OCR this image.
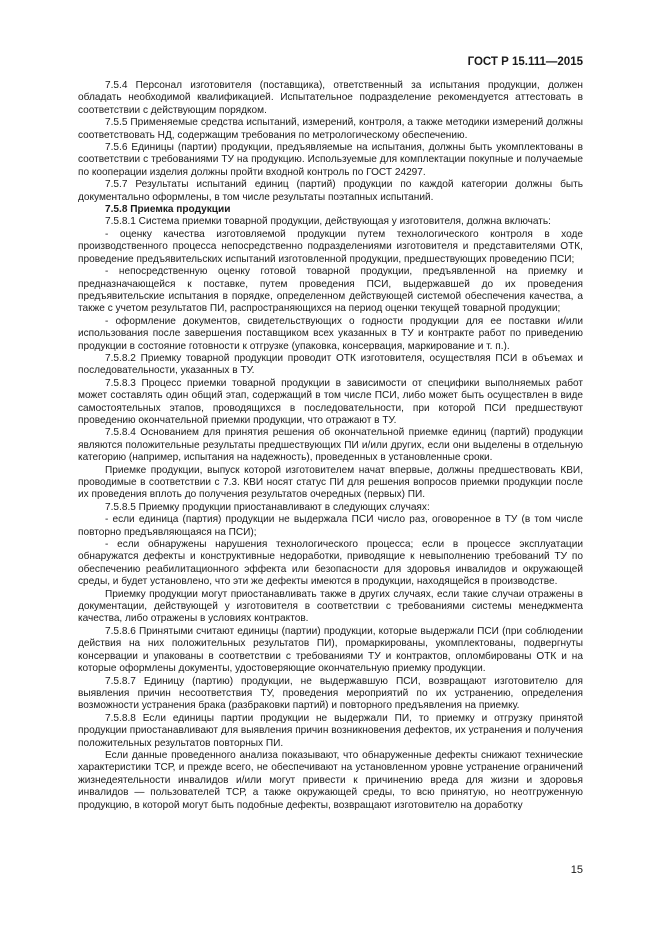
ГОСТ Р 15.111—2015

7.5.4 Персонал изготовителя (поставщика), ответственный за испытания продукции, должен обладать необходимой квалификацией. Испытательное подразделение рекомендуется аттестовать в соответствии с действующим порядком.

7.5.5 Применяемые средства испытаний, измерений, контроля, а также методики измерений должны соответствовать НД, содержащим требования по метрологическому обеспечению.

7.5.6 Единицы (партии) продукции, предъявляемые на испытания, должны быть укомплектованы в соответствии с требованиями ТУ на продукцию. Используемые для комплектации покупные и получаемые по кооперации изделия должны пройти входной контроль по ГОСТ 24297.

7.5.7 Результаты испытаний единиц (партий) продукции по каждой категории должны быть документально оформлены, в том числе результаты поэтапных испытаний.

7.5.8 Приемка продукции

7.5.8.1 Система приемки товарной продукции, действующая у изготовителя, должна включать:

- оценку качества изготовляемой продукции путем технологического контроля в ходе производственного процесса непосредственно подразделениями изготовителя и представителями ОТК, проведение предъявительских испытаний изготовленной продукции, предшествующих проведению ПСИ;

- непосредственную оценку готовой товарной продукции, предъявленной на приемку и предназначающейся к поставке, путем проведения ПСИ, выдержавшей до их проведения предъявительские испытания в порядке, определенном действующей системой обеспечения качества, а также с учетом результатов ПИ, распространяющихся на период оценки текущей товарной продукции;

- оформление документов, свидетельствующих о годности продукции для ее поставки и/или использования после завершения поставщиком всех указанных в ТУ и контракте работ по приведению продукции в состояние готовности к отгрузке (упаковка, консервация, маркирование и т. п.).

7.5.8.2 Приемку товарной продукции проводит ОТК изготовителя, осуществляя ПСИ в объемах и последовательности, указанных в ТУ.

7.5.8.3 Процесс приемки товарной продукции в зависимости от специфики выполняемых работ может составлять один общий этап, содержащий в том числе ПСИ, либо может быть осуществлен в виде самостоятельных этапов, проводящихся в последовательности, при которой ПСИ предшествуют проведению окончательной приемки продукции, что отражают в ТУ.

7.5.8.4 Основанием для принятия решения об окончательной приемке единиц (партий) продукции являются положительные результаты предшествующих ПИ и/или других, если они выделены в отдельную категорию (например, испытания на надежность), проведенных в установленные сроки.

Приемке продукции, выпуск которой изготовителем начат впервые, должны предшествовать КВИ, проводимые в соответствии с 7.3. КВИ носят статус ПИ для решения вопросов приемки продукции после их проведения вплоть до получения результатов очередных (первых) ПИ.

7.5.8.5 Приемку продукции приостанавливают в следующих случаях:

- если единица (партия) продукции не выдержала ПСИ число раз, оговоренное в ТУ (в том числе повторно предъявляющаяся на ПСИ);

- если обнаружены нарушения технологического процесса; если в процессе эксплуатации обнаружатся дефекты и конструктивные недоработки, приводящие к невыполнению требований ТУ по обеспечению реабилитационного эффекта или безопасности для здоровья инвалидов и окружающей среды, и будет установлено, что эти же дефекты имеются в продукции, находящейся в производстве.

Приемку продукции могут приостанавливать также в других случаях, если такие случаи отражены в документации, действующей у изготовителя в соответствии с требованиями системы менеджмента качества, либо отражены в условиях контрактов.

7.5.8.6 Принятыми считают единицы (партии) продукции, которые выдержали ПСИ (при соблюдении действия на них положительных результатов ПИ), промаркированы, укомплектованы, подвергнуты консервации и упакованы в соответствии с требованиями ТУ и контрактов, опломбированы ОТК и на которые оформлены документы, удостоверяющие окончательную приемку продукции.

7.5.8.7 Единицу (партию) продукции, не выдержавшую ПСИ, возвращают изготовителю для выявления причин несоответствия ТУ, проведения мероприятий по их устранению, определения возможности устранения брака (разбраковки партий) и повторного предъявления на приемку.

7.5.8.8 Если единицы партии продукции не выдержали ПИ, то приемку и отгрузку принятой продукции приостанавливают для выявления причин возникновения дефектов, их устранения и получения положительных результатов повторных ПИ.

Если данные проведенного анализа показывают, что обнаруженные дефекты снижают технические характеристики ТСР, и прежде всего, не обеспечивают на установленном уровне устранение ограничений жизнедеятельности инвалидов и/или могут привести к причинению вреда для жизни и здоровья инвалидов — пользователей ТСР, а также окружающей среды, то всю принятую, но неотгруженную продукцию, в которой могут быть подобные дефекты, возвращают изготовителю на доработку

15
